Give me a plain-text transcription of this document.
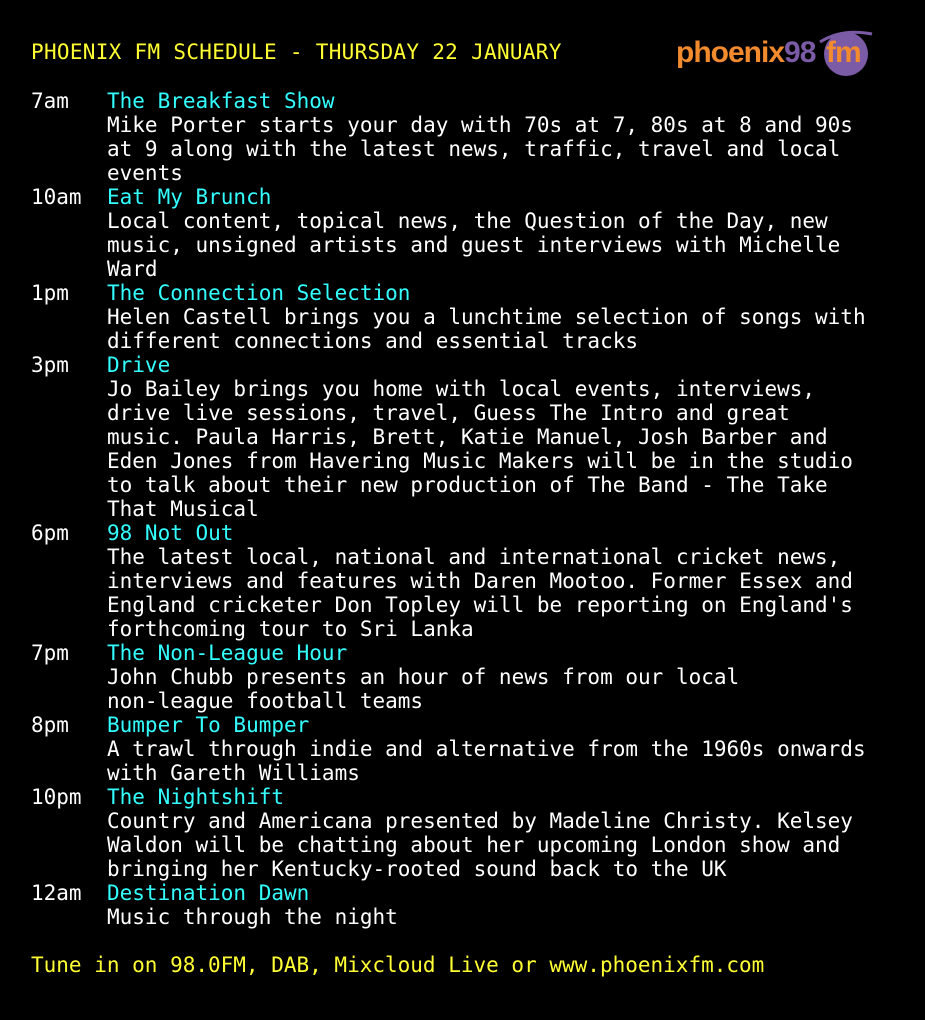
PHOENIX FM SCHEDULE - THURSDAY 22 JANUARY	phoenix98 fm
7am The Breakfast Show
Mike Porter starts your day with 70s at 7, 80s at 8 and 90s
at 9 along with the latest news, traffic, travel and local
events
10am Eat My Brunch
Local content, topical news, the Question of the Day, new
music, unsigned artists and guest interviews with Michelle
Ward
1pm The Connection Selection
Helen Castell brings you a lunchtime selection of songs with
different connections and essential tracks
3pm Drive
Jo Bailey brings you home with local events, interviews,
drive live sessions, travel, Guess The Intro and great
music. Paula Harris, Brett, Katie Manuel, Josh Barber and
Eden Jones from Havering Music Makers will be in the studio
to talk about their new production of The Band - The Take
That Musical
6pm 98 Not Out
The latest local, national and international cricket news,
interviews and features with Daren Mootoo. Former Essex and
England cricketer Don Topley will be reporting on England's
forthcoming tour to Sri Lanka
7pm The Non-League Hour
John Chubb presents an hour of news from our local
non-league football teams
8pm Bumper To Bumper
A trawl through indie and alternative from the 1960s onwards
with Gareth Williams
10pm The Nightshift
Country and Americana presented by Madeline Christy. Kelsey
Waldon will be chatting about her upcoming London show and
bringing her Kentucky-rooted sound back to the UK
12am Destination Dawn
Music through the night
Tune in on 98.0FM, DAB, Mixcloud Live or www.phoenixfm.com
